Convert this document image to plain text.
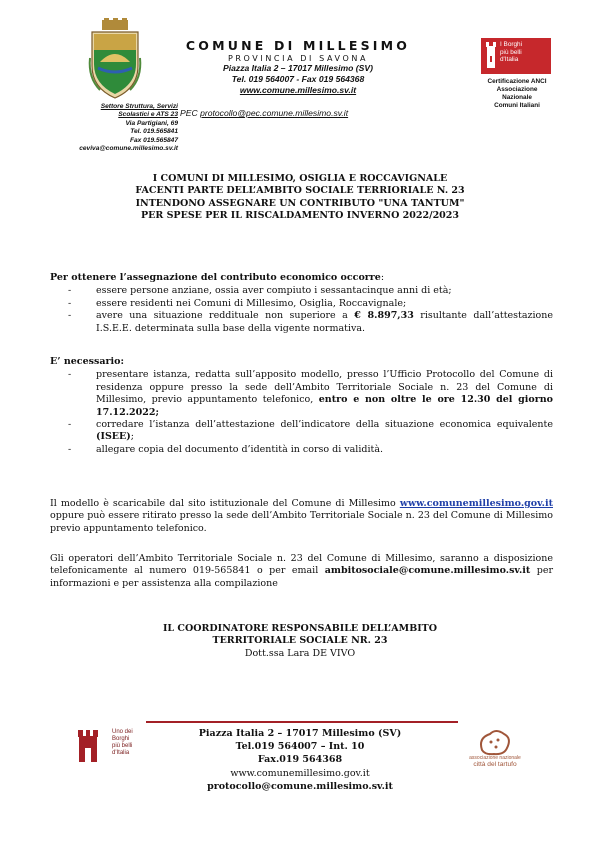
COMUNE DI MILLESIMO
PROVINCIA DI SAVONA
Piazza Italia 2 – 17017 Millesimo (SV)
Tel. 019 564007 - Fax 019 564368
www.comune.millesimo.sv.it
PEC protocollo@pec.comune.millesimo.sv.it
Settore Struttura, Servizi
Scolastici e ATS 23
Via Partigiani, 69
Tel. 019.565841
Fax 019.565847
ceviva@comune.millesimo.sv.it
I Borghi
più belli
d'Italia
Certificazione ANCI
Associazione
Nazionale
Comuni Italiani
I COMUNI DI MILLESIMO, OSIGLIA E ROCCAVIGNALE
FACENTI PARTE DELL’AMBITO SOCIALE TERRIORIALE N. 23
INTENDONO ASSEGNARE UN CONTRIBUTO "UNA TANTUM"
PER SPESE PER IL RISCALDAMENTO INVERNO 2022/2023
Per ottenere l’assegnazione del contributo economico occorre:
- essere persone anziane, ossia aver compiuto i sessantacinque anni di età;
- essere residenti nei Comuni di Millesimo, Osiglia, Roccavignale;
- avere una situazione reddituale non superiore a € 8.897,33 risultante dall’attestazione I.S.E.E. determinata sulla base della vigente normativa.
E’ necessario:
- presentare istanza, redatta sull’apposito modello, presso l’Ufficio Protocollo del Comune di residenza oppure presso la sede dell’Ambito Territoriale Sociale n. 23 del Comune di Millesimo, previo appuntamento telefonico, entro e non oltre le ore 12.30 del giorno 17.12.2022;
- corredare l’istanza dell’attestazione dell’indicatore della situazione economica equivalente (ISEE);
- allegare copia del documento d’identità in corso di validità.
Il modello è scaricabile dal sito istituzionale del Comune di Millesimo www.comunemillesimo.gov.it oppure può essere ritirato presso la sede dell’Ambito Territoriale Sociale n. 23 del Comune di Millesimo previo appuntamento telefonico.
Gli operatori dell’Ambito Territoriale Sociale n. 23 del Comune di Millesimo, saranno a disposizione telefonicamente al numero 019-565841 o per email ambitosociale@comune.millesimo.sv.it per informazioni e per assistenza alla compilazione
IL COORDINATORE RESPONSABILE DELL’AMBITO
TERRITORIALE SOCIALE NR. 23
Dott.ssa Lara DE VIVO
Uno dei
Borghi
più belli
d'Italia
Piazza Italia 2 – 17017 Millesimo (SV)
Tel.019 564007 – Int. 10
Fax.019 564368
www.comunemillesimo.gov.it
protocollo@comune.millesimo.sv.it
associazione nazionale
città del tartufo
